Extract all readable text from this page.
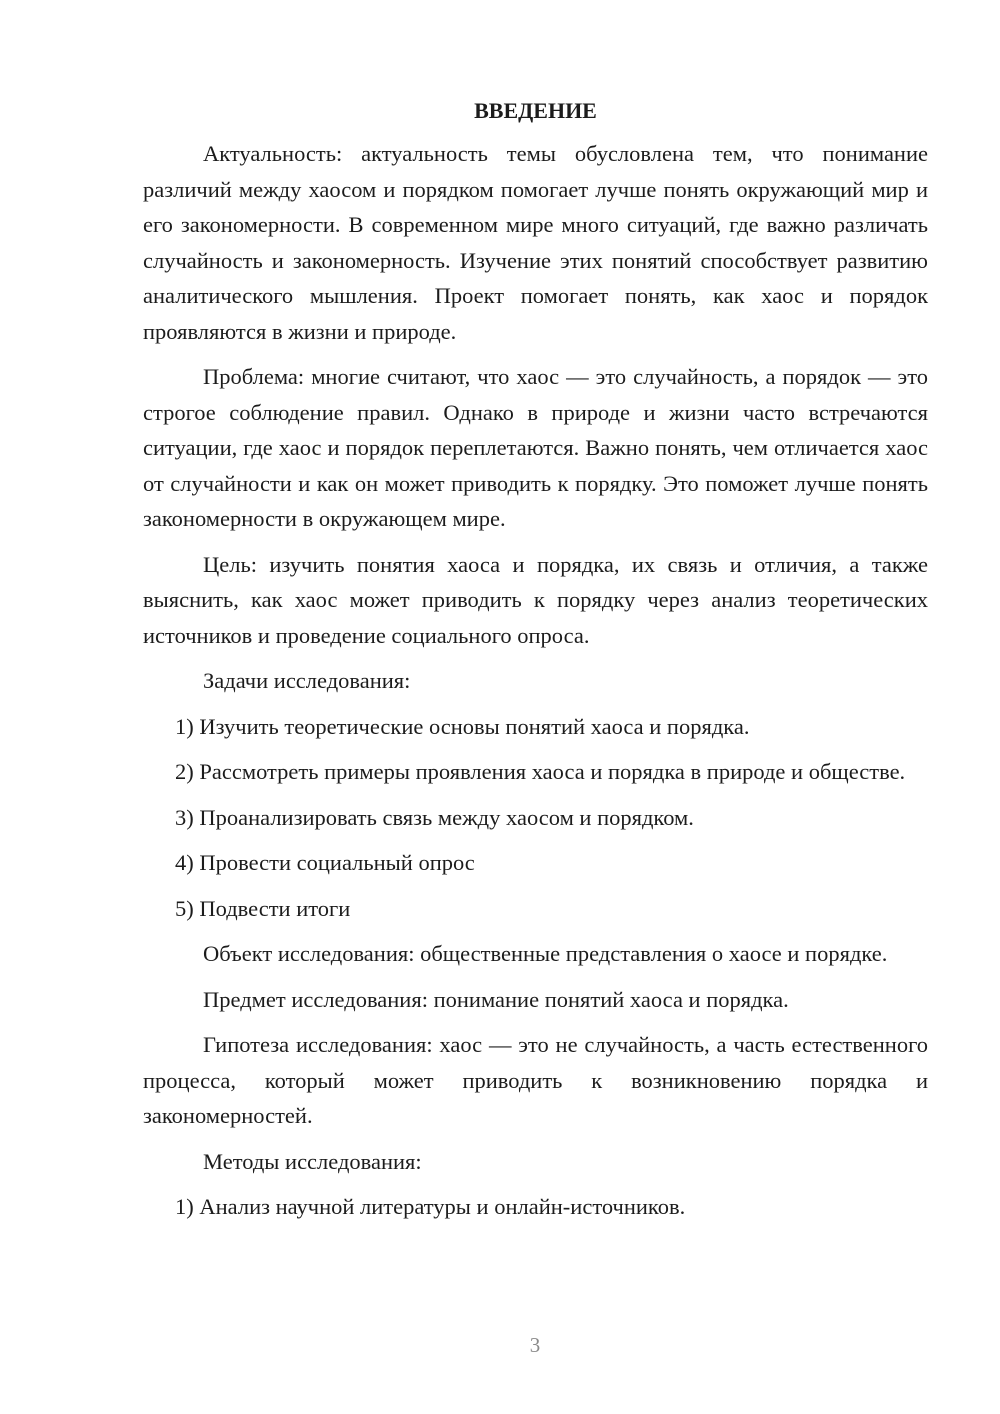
ВВЕДЕНИЕ
Актуальность: актуальность темы обусловлена тем, что понимание различий между хаосом и порядком помогает лучше понять окружающий мир и его закономерности. В современном мире много ситуаций, где важно различать случайность и закономерность. Изучение этих понятий способствует развитию аналитического мышления. Проект помогает понять, как хаос и порядок проявляются в жизни и природе.
Проблема: многие считают, что хаос — это случайность, а порядок — это строгое соблюдение правил. Однако в природе и жизни часто встречаются ситуации, где хаос и порядок переплетаются. Важно понять, чем отличается хаос от случайности и как он может приводить к порядку. Это поможет лучше понять закономерности в окружающем мире.
Цель: изучить понятия хаоса и порядка, их связь и отличия, а также выяснить, как хаос может приводить к порядку через анализ теоретических источников и проведение социального опроса.
Задачи исследования:
1) Изучить теоретические основы понятий хаоса и порядка.
2) Рассмотреть примеры проявления хаоса и порядка в природе и обществе.
3) Проанализировать связь между хаосом и порядком.
4) Провести социальный опрос
5) Подвести итоги
Объект исследования: общественные представления о хаосе и порядке.
Предмет исследования: понимание понятий хаоса и порядка.
Гипотеза исследования: хаос — это не случайность, а часть естественного процесса, который может приводить к возникновению порядка и закономерностей.
Методы исследования:
1) Анализ научной литературы и онлайн-источников.
3
